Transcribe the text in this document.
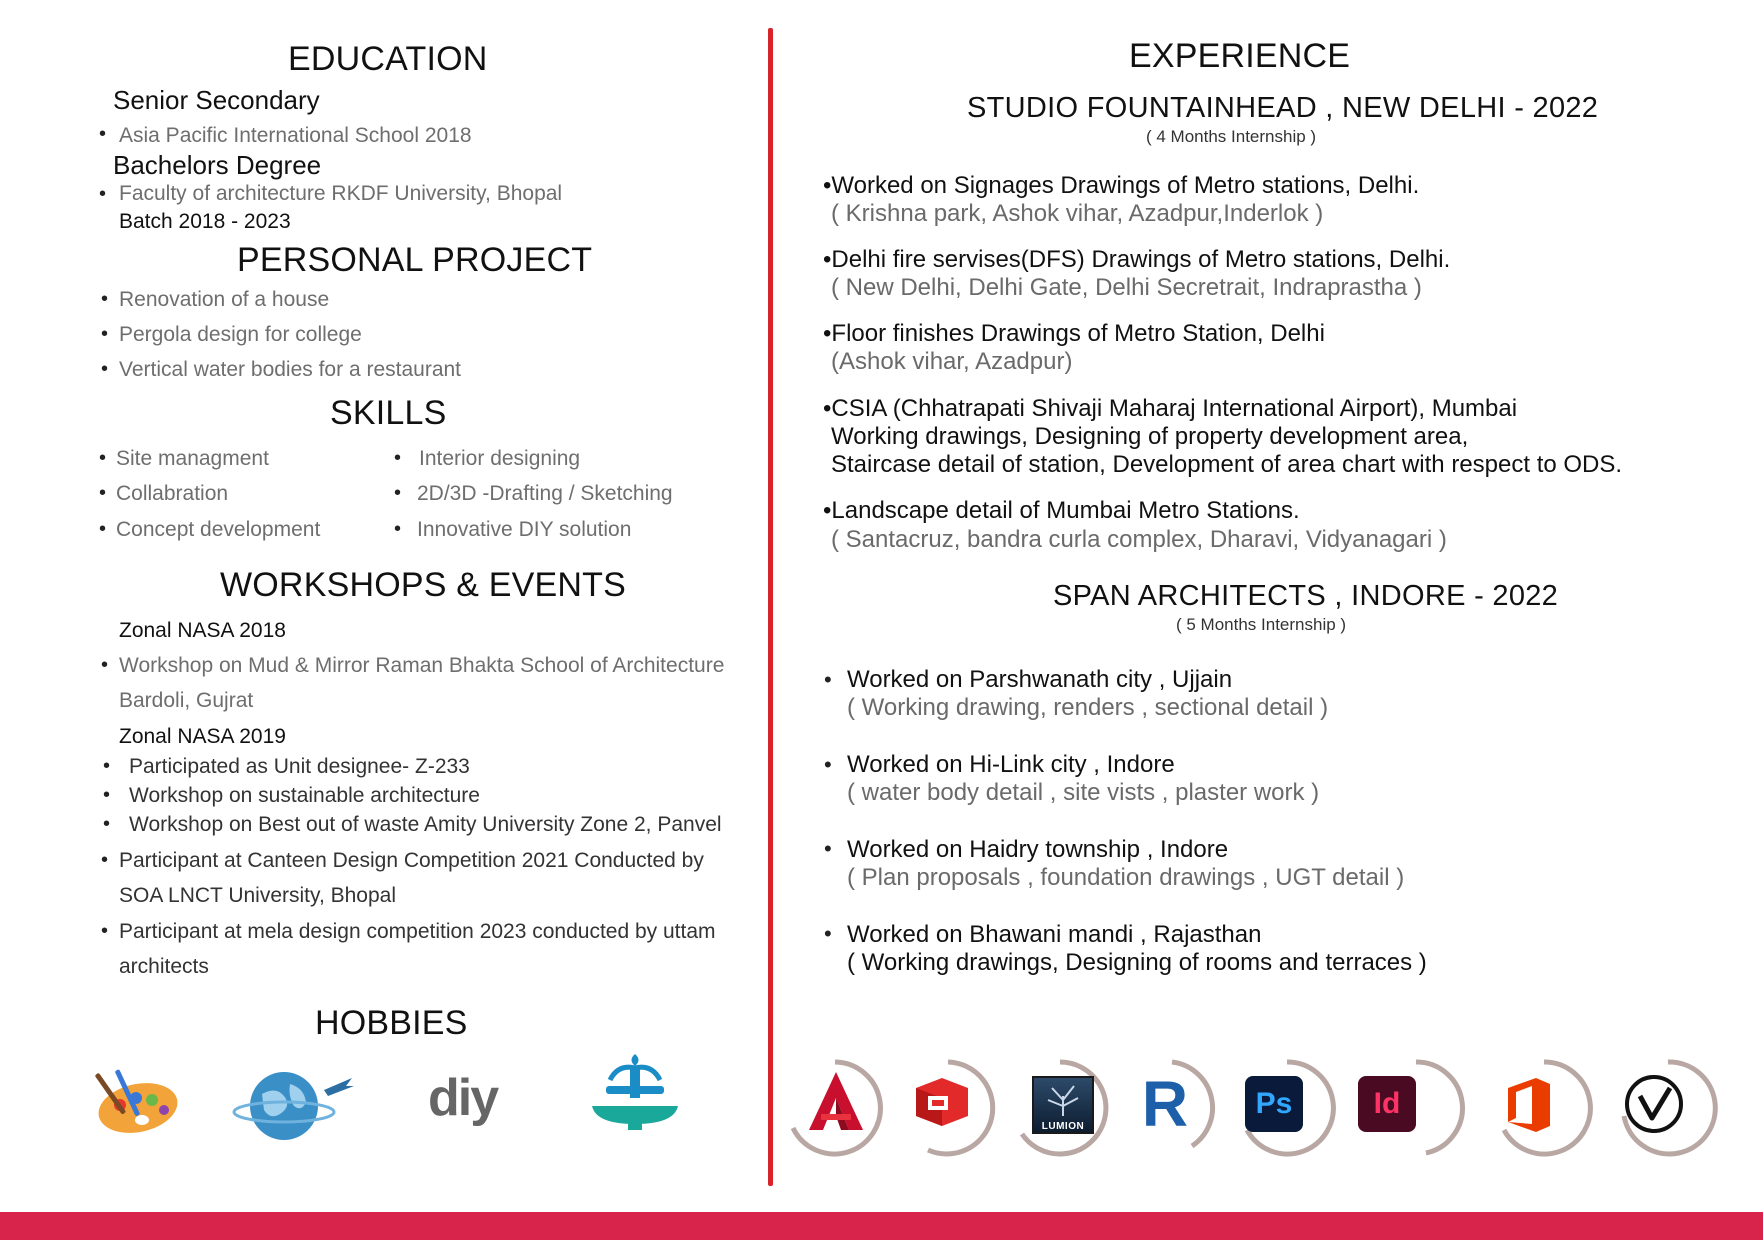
EDUCATION
Senior Secondary
• Asia Pacific International School 2018
Bachelors Degree
• Faculty of architecture RKDF University, Bhopal
Batch 2018 - 2023
PERSONAL PROJECT
• Renovation of a house
• Pergola design for college
• Vertical water bodies for a restaurant
SKILLS
• Site managment
• Collabration
• Concept development
• Interior designing
• 2D/3D -Drafting / Sketching
• Innovative DIY solution
WORKSHOPS & EVENTS
Zonal NASA 2018
• Workshop on Mud & Mirror Raman Bhakta School of Architecture
Bardoli, Gujrat
Zonal NASA 2019
• Participated as Unit designee- Z-233
• Workshop on sustainable architecture
• Workshop on Best out of waste Amity University Zone 2, Panvel
• Participant at Canteen Design Competition 2021 Conducted by
SOA LNCT University, Bhopal
• Participant at mela design competition 2023 conducted by uttam
architects
HOBBIES
diy
EXPERIENCE
STUDIO FOUNTAINHEAD , NEW DELHI - 2022
( 4 Months Internship )
•Worked on Signages Drawings of Metro stations, Delhi.
( Krishna park, Ashok vihar, Azadpur,Inderlok )
•Delhi fire servises(DFS) Drawings of Metro stations, Delhi.
( New Delhi, Delhi Gate, Delhi Secretrait, Indraprastha )
•Floor finishes Drawings of Metro Station, Delhi
(Ashok vihar, Azadpur)
•CSIA (Chhatrapati Shivaji Maharaj International Airport), Mumbai
Working drawings, Designing of property development area,
Staircase detail of station, Development of area chart with respect to ODS.
•Landscape detail of Mumbai Metro Stations.
( Santacruz, bandra curla complex, Dharavi, Vidyanagari )
SPAN ARCHITECTS , INDORE - 2022
( 5 Months Internship )
• Worked on Parshwanath city , Ujjain
( Working drawing, renders , sectional detail )
• Worked on Hi-Link city , Indore
( water body detail , site vists , plaster work )
• Worked on Haidry township , Indore
( Plan proposals , foundation drawings , UGT detail )
• Worked on Bhawani mandi , Rajasthan
( Working drawings, Designing of rooms and terraces )
LUMION R	Ps	Id
